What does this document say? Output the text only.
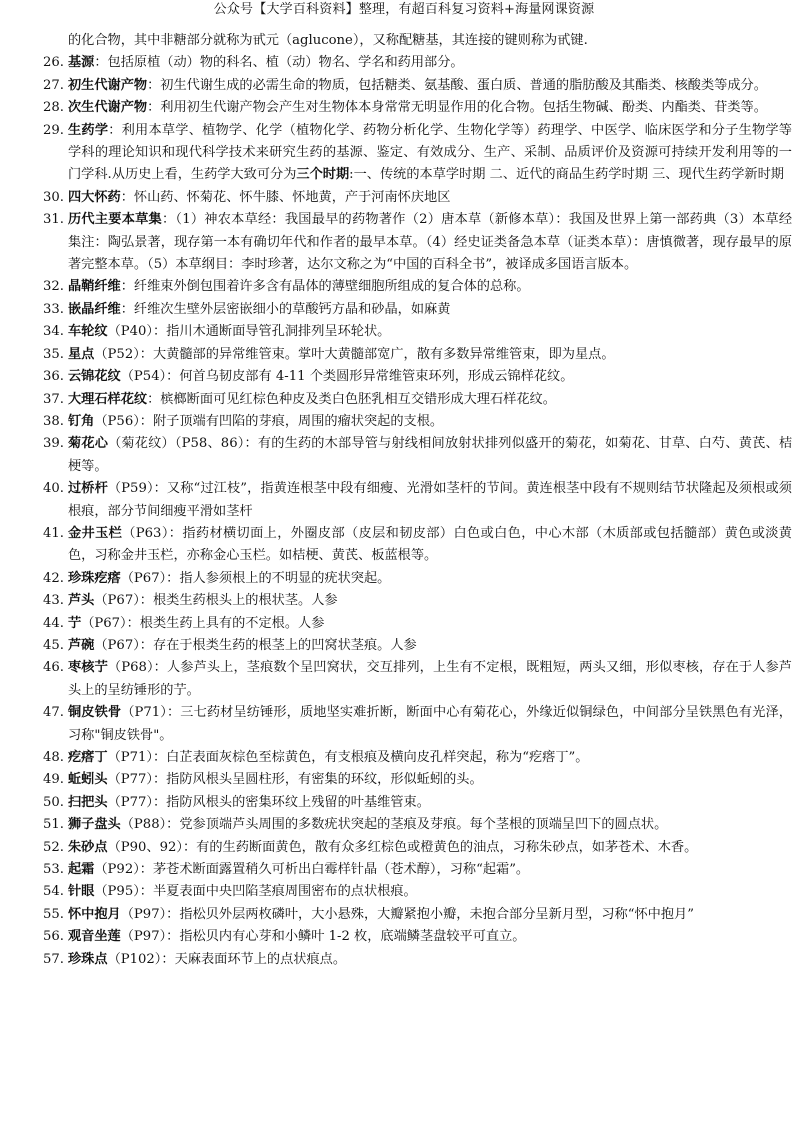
公众号【大学百科资料】整理，有超百科复习资料+海量网课资源
的化合物，其中非糖部分就称为甙元（aglucone），又称配糖基，其连接的键则称为甙键.
26. 基源：包括原植（动）物的科名、植（动）物名、学名和药用部分。
27. 初生代谢产物：初生代谢生成的必需生命的物质，包括糖类、氨基酸、蛋白质、普通的脂肪酸及其酯类、核酸类等成分。
28. 次生代谢产物：利用初生代谢产物会产生对生物体本身常常无明显作用的化合物。包括生物碱、酚类、内酯类、苷类等。
29. 生药学：利用本草学、植物学、化学（植物化学、药物分析化学、生物化学等）药理学、中医学、临床医学和分子生物学等学科的理论知识和现代科学技术来研究生药的基源、鉴定、有效成分、生产、采制、品质评价及资源可持续开发利用等的一门学科.从历史上看，生药学大致可分为三个时期:一、传统的本草学时期 二、近代的商品生药学时期 三、现代生药学新时期
30. 四大怀药：怀山药、怀菊花、怀牛膝、怀地黄，产于河南怀庆地区
31. 历代主要本草集：（1）神农本草经：我国最早的药物著作（2）唐本草（新修本草）：我国及世界上第一部药典（3）本草经集注：陶弘景著，现存第一本有确切年代和作者的最早本草。（4）经史证类备急本草（证类本草）：唐慎微著，现存最早的原著完整本草。（5）本草纲目：李时珍著，达尔文称之为“中国的百科全书”，被译成多国语言版本。
32. 晶鞘纤维：纤维束外倒包围着许多含有晶体的薄壁细胞所组成的复合体的总称。
33. 嵌晶纤维：纤维次生壁外层密嵌细小的草酸钙方晶和砂晶，如麻黄
34. 车轮纹（P40）：指川木通断面导管孔洞排列呈环轮状。
35. 星点（P52）：大黄髓部的异常维管束。掌叶大黄髓部宽广，散有多数异常维管束，即为星点。
36. 云锦花纹（P54）：何首乌韧皮部有 4-11 个类圆形异常维管束环列，形成云锦样花纹。
37. 大理石样花纹：槟榔断面可见红棕色种皮及类白色胚乳相互交错形成大理石样花纹。
38. 钉角（P56）：附子顶端有凹陷的芽痕，周围的瘤状突起的支根。
39. 菊花心（菊花纹）（P58、86）：有的生药的木部导管与射线相间放射状排列似盛开的菊花，如菊花、甘草、白芍、黄芪、桔梗等。
40. 过桥杆（P59）：又称“过江枝”，指黄连根茎中段有细瘦、光滑如茎杆的节间。黄连根茎中段有不规则结节状隆起及须根或须根痕，部分节间细瘦平滑如茎杆
41. 金井玉栏（P63）：指药材横切面上，外圈皮部（皮层和韧皮部）白色或白色，中心木部（木质部或包括髓部）黄色或淡黄色，习称金井玉栏，亦称金心玉栏。如桔梗、黄芪、板蓝根等。
42. 珍珠疙瘩（P67）：指人参须根上的不明显的疣状突起。
43. 芦头（P67）：根类生药根头上的根状茎。人参
44. 艼（P67）：根类生药上具有的不定根。人参
45. 芦碗（P67）：存在于根类生药的根茎上的凹窝状茎痕。人参
46. 枣核艼（P68）：人参芦头上，茎痕数个呈凹窝状，交互排列，上生有不定根，既粗短，两头又细，形似枣核，存在于人参芦头上的呈纺锤形的艼。
47. 铜皮铁骨（P71）：三七药材呈纺锤形，质地坚实难折断，断面中心有菊花心，外缘近似铜绿色，中间部分呈铁黑色有光泽，习称"铜皮铁骨"。
48. 疙瘩丁（P71）：白芷表面灰棕色至棕黄色，有支根痕及横向皮孔样突起，称为“疙瘩丁”。
49. 蚯蚓头（P77）：指防风根头呈圆柱形，有密集的环纹，形似蚯蚓的头。
50. 扫把头（P77）：指防风根头的密集环纹上残留的叶基维管束。
51. 狮子盘头（P88）：党参顶端芦头周围的多数疣状突起的茎痕及芽痕。每个茎根的顶端呈凹下的圆点状。
52. 朱砂点（P90、92）：有的生药断面黄色，散有众多红棕色或橙黄色的油点，习称朱砂点，如茅苍术、木香。
53. 起霜（P92）：茅苍术断面露置稍久可析出白霉样针晶（苍术醇），习称“起霜”。
54. 针眼（P95）：半夏表面中央凹陷茎痕周围密布的点状根痕。
55. 怀中抱月（P97）：指松贝外层两枚磷叶，大小悬殊，大瓣紧抱小瓣，未抱合部分呈新月型，习称“怀中抱月”
56. 观音坐莲（P97）：指松贝内有心芽和小鳞叶 1-2 枚，底端鳞茎盘较平可直立。
57. 珍珠点（P102）：天麻表面环节上的点状痕点。
